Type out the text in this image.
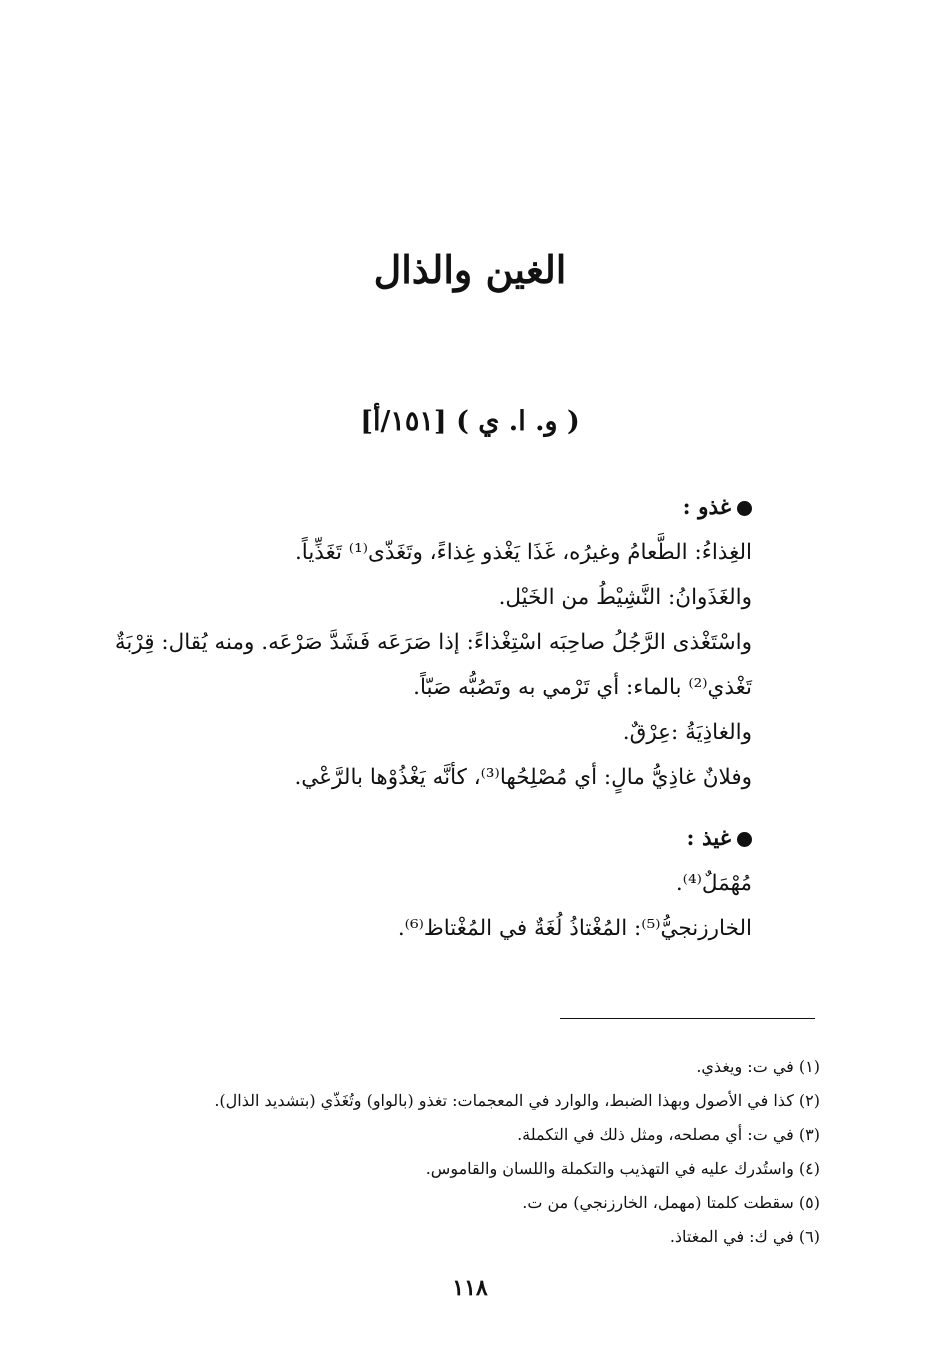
الغين والذال
( و. ا. ي ) [١٥١/أ]
غذو :
الغِذاءُ: الطَّعامُ وغيرُه، غَذَا يَغْذو غِذاءً، وتَغَذّى⁽¹⁾ تَغَذِّياً.
والغَذَوانُ: النَّشِيْطُ من الخَيْل.
واسْتَغْذى الرَّجُلُ صاحِبَه اسْتِغْذاءً: إذا صَرَعَه فَشَدَّ صَرْعَه. ومنه يُقال: قِرْبَةٌ تَغْذي⁽²⁾ بالماء: أي تَرْمي به وتَصُبُّه صَبّاً.
والغاذِيَةُ :عِرْقٌ.
وفلانٌ غاذِيُّ مالٍ: أي مُصْلِحُها⁽³⁾، كأنَّه يَغْذُوْها بالرَّعْي.
غيذ :
مُهْمَلٌ⁽⁴⁾.
الخارزنجيُّ⁽⁵⁾: المُغْتاذُ لُغَةٌ في المُغْتاظ⁽⁶⁾.
(١) في ت: ويغذي.
(٢) كذا في الأصول وبهذا الضبط، والوارد في المعجمات: تغذو (بالواو) وتُغَذّي (بتشديد الذال).
(٣) في ت: أي مصلحه، ومثل ذلك في التكملة.
(٤) واستُدرك عليه في التهذيب والتكملة واللسان والقاموس.
(٥) سقطت كلمتا (مهمل، الخارزنجي) من ت.
(٦) في ك: في المغتاذ.
١١٨
